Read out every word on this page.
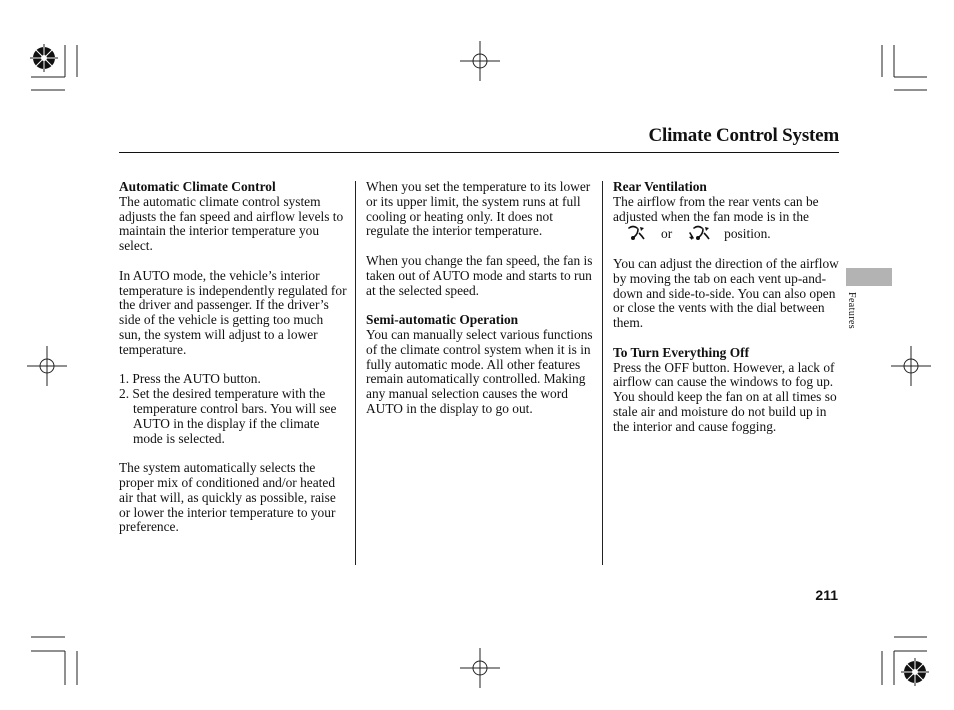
Climate Control System

Automatic Climate Control
The automatic climate control system adjusts the fan speed and airflow levels to maintain the interior temperature you select.

In AUTO mode, the vehicle’s interior temperature is independently regulated for the driver and passenger. If the driver’s side of the vehicle is getting too much sun, the system will adjust to a lower temperature.

1. Press the AUTO button.
2. Set the desired temperature with the temperature control bars. You will see AUTO in the display if the climate mode is selected.

The system automatically selects the proper mix of conditioned and/or heated air that will, as quickly as possible, raise or lower the interior temperature to your preference.

When you set the temperature to its lower or its upper limit, the system runs at full cooling or heating only. It does not regulate the interior temperature.

When you change the fan speed, the fan is taken out of AUTO mode and starts to run at the selected speed.

Semi-automatic Operation
You can manually select various functions of the climate control system when it is in fully automatic mode. All other features remain automatically controlled. Making any manual selection causes the word AUTO in the display to go out.

Rear Ventilation
The airflow from the rear vents can be adjusted when the fan mode is in theor	position.

You can adjust the direction of the airflow by moving the tab on each vent up-and-down and side-to-side. You can also open or close the vents with the dial between them.

To Turn Everything Off
Press the OFF button. However, a lack of airflow can cause the windows to fog up. You should keep the fan on at all times so stale air and moisture do not build up in the interior and cause fogging.

Features
211
